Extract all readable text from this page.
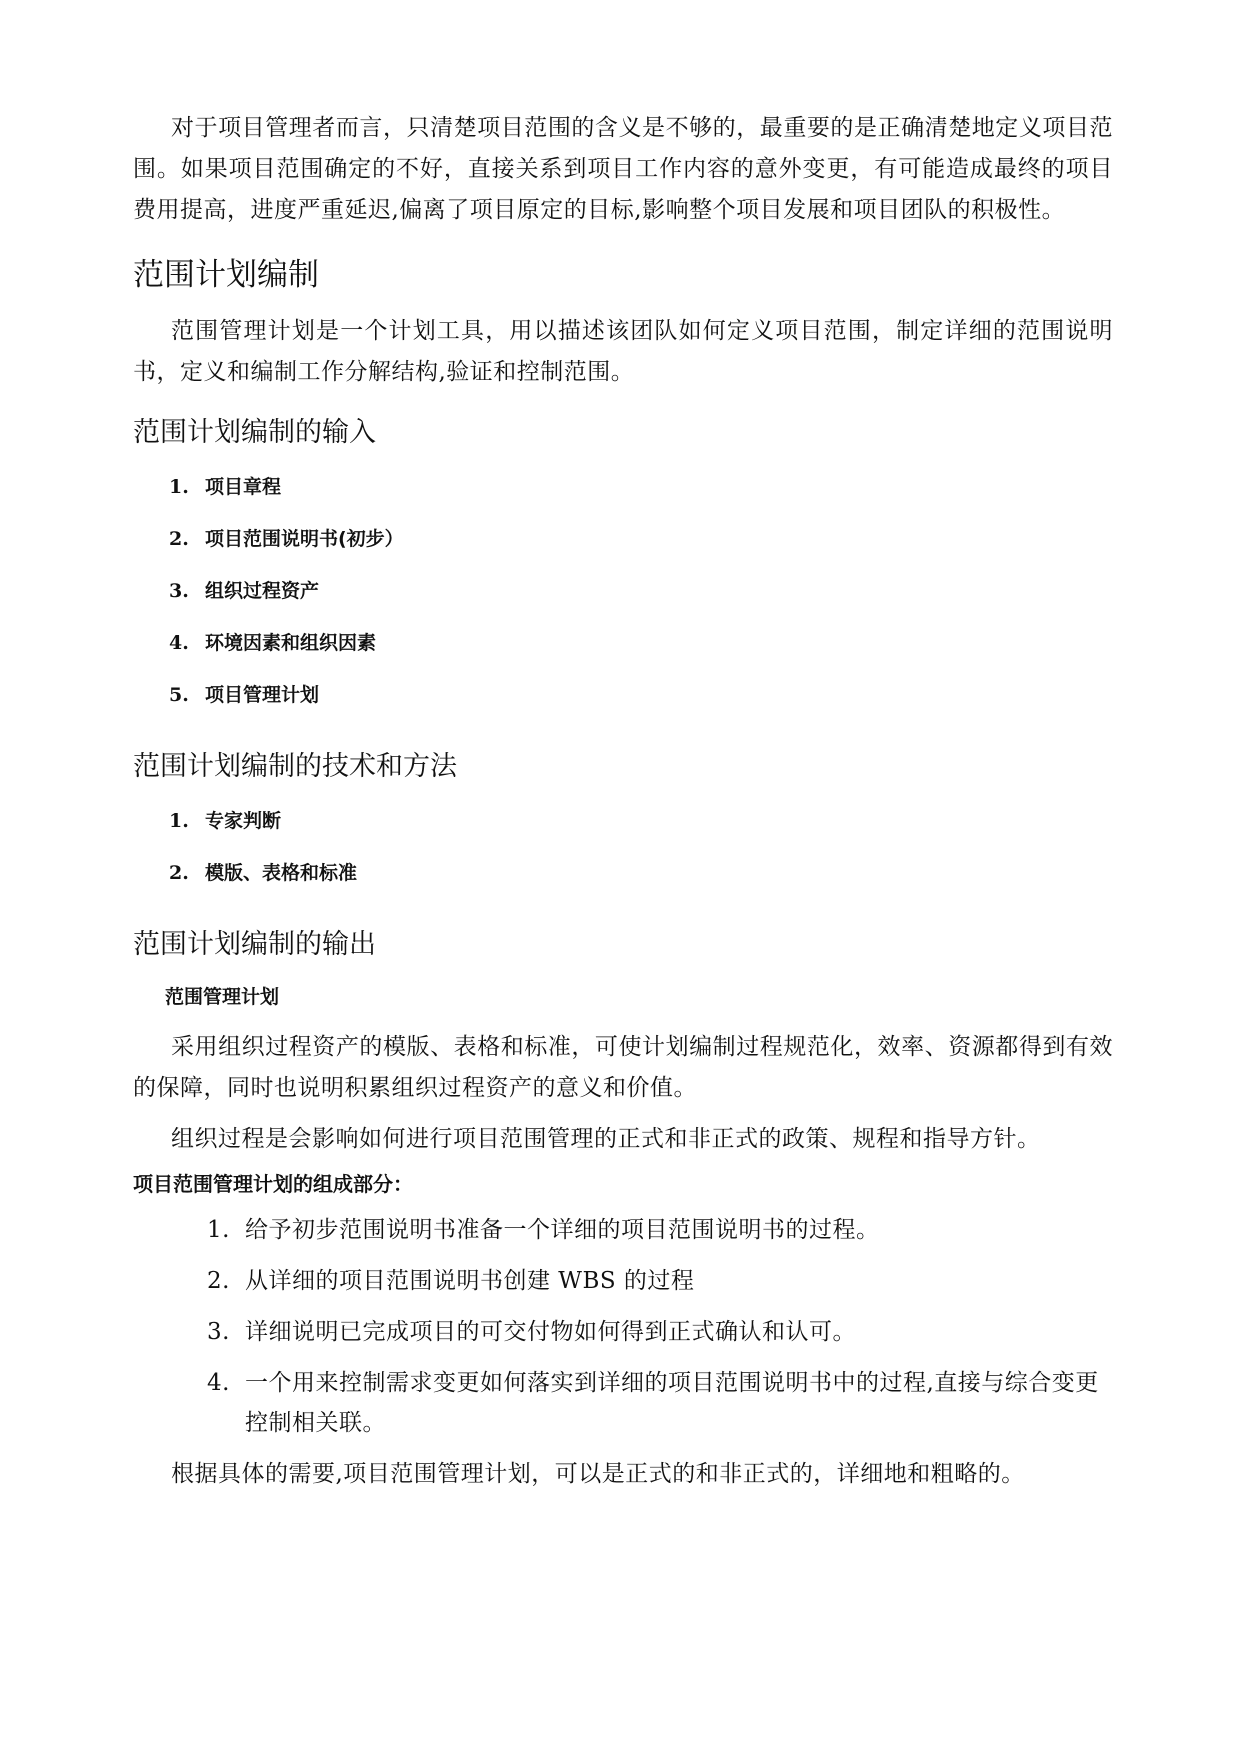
对于项目管理者而言，只清楚项目范围的含义是不够的，最重要的是正确清楚地定义项目范围。如果项目范围确定的不好，直接关系到项目工作内容的意外变更，有可能造成最终的项目费用提高，进度严重延迟,偏离了项目原定的目标,影响整个项目发展和项目团队的积极性。

范围计划编制

范围管理计划是一个计划工具，用以描述该团队如何定义项目范围，制定详细的范围说明书，定义和编制工作分解结构,验证和控制范围。

范围计划编制的输入
1. 项目章程
2. 项目范围说明书(初步）
3. 组织过程资产
4. 环境因素和组织因素
5. 项目管理计划
范围计划编制的技术和方法
1. 专家判断
2. 模版、表格和标准
范围计划编制的输出
范围管理计划

采用组织过程资产的模版、表格和标准，可使计划编制过程规范化，效率、资源都得到有效的保障，同时也说明积累组织过程资产的意义和价值。

组织过程是会影响如何进行项目范围管理的正式和非正式的政策、规程和指导方针。

项目范围管理计划的组成部分：
1. 给予初步范围说明书准备一个详细的项目范围说明书的过程。
2. 从详细的项目范围说明书创建 WBS 的过程
3. 详细说明已完成项目的可交付物如何得到正式确认和认可。
4. 一个用来控制需求变更如何落实到详细的项目范围说明书中的过程,直接与综合变更控制相关联。

根据具体的需要,项目范围管理计划，可以是正式的和非正式的，详细地和粗略的。
